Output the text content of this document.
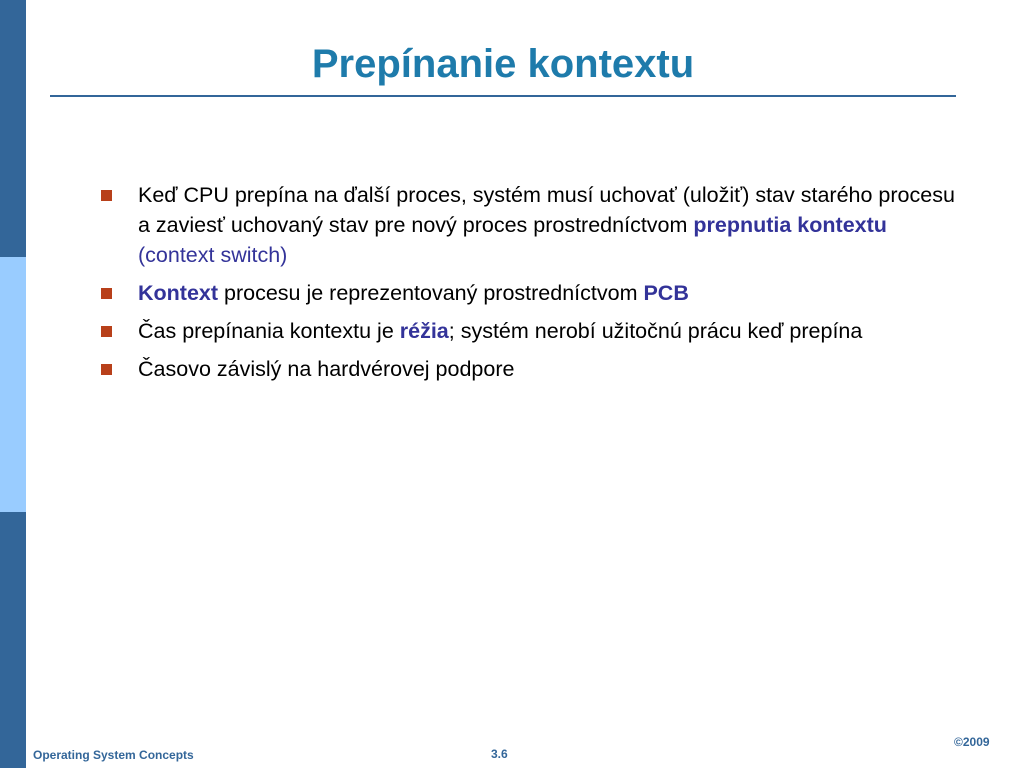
Prepínanie kontextu
Keď CPU prepína na ďalší proces, systém musí uchovať (uložiť) stav starého procesu a zaviesť uchovaný stav pre nový proces prostredníctvom prepnutia kontextu (context switch)
Kontext procesu je reprezentovaný prostredníctvom PCB
Čas prepínania kontextu je réžia; systém nerobí užitočnú prácu keď prepína
Časovo závislý na hardvérovej podpore
Operating System Concepts	3.6
©2009
